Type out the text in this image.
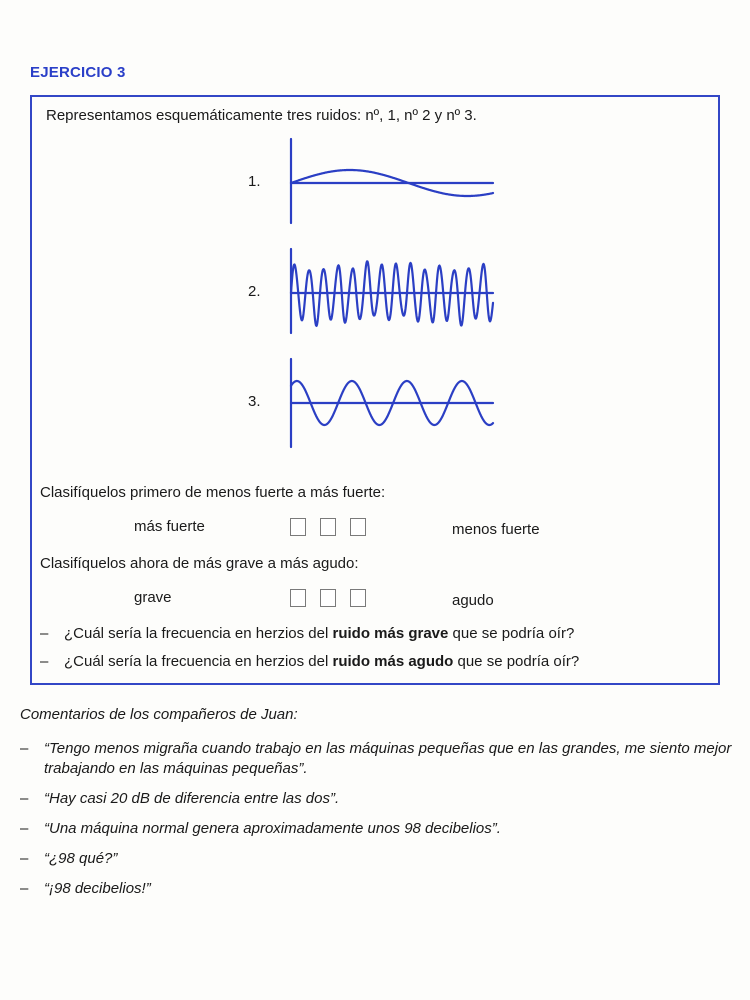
EJERCICIO 3
Representamos esquemáticamente tres ruidos: nº, 1, nº 2 y nº 3.
1.
2.
3.
Clasifíquelos primero de menos fuerte a más fuerte:
más fuerte	menos fuerte
Clasifíquelos ahora de más grave a más agudo:
grave	agudo
– ¿Cuál sería la frecuencia en herzios del ruido más grave que se podría oír?
– ¿Cuál sería la frecuencia en herzios del ruido más agudo que se podría oír?
Comentarios de los compañeros de Juan:
– “Tengo menos migraña cuando trabajo en las máquinas pequeñas que en las grandes, me siento mejor trabajando en las máquinas pequeñas”.
– “Hay casi 20 dB de diferencia entre las dos”.
– “Una máquina normal genera aproximadamente unos 98 decibelios”.
– “¿98 qué?”
– “¡98 decibelios!”
